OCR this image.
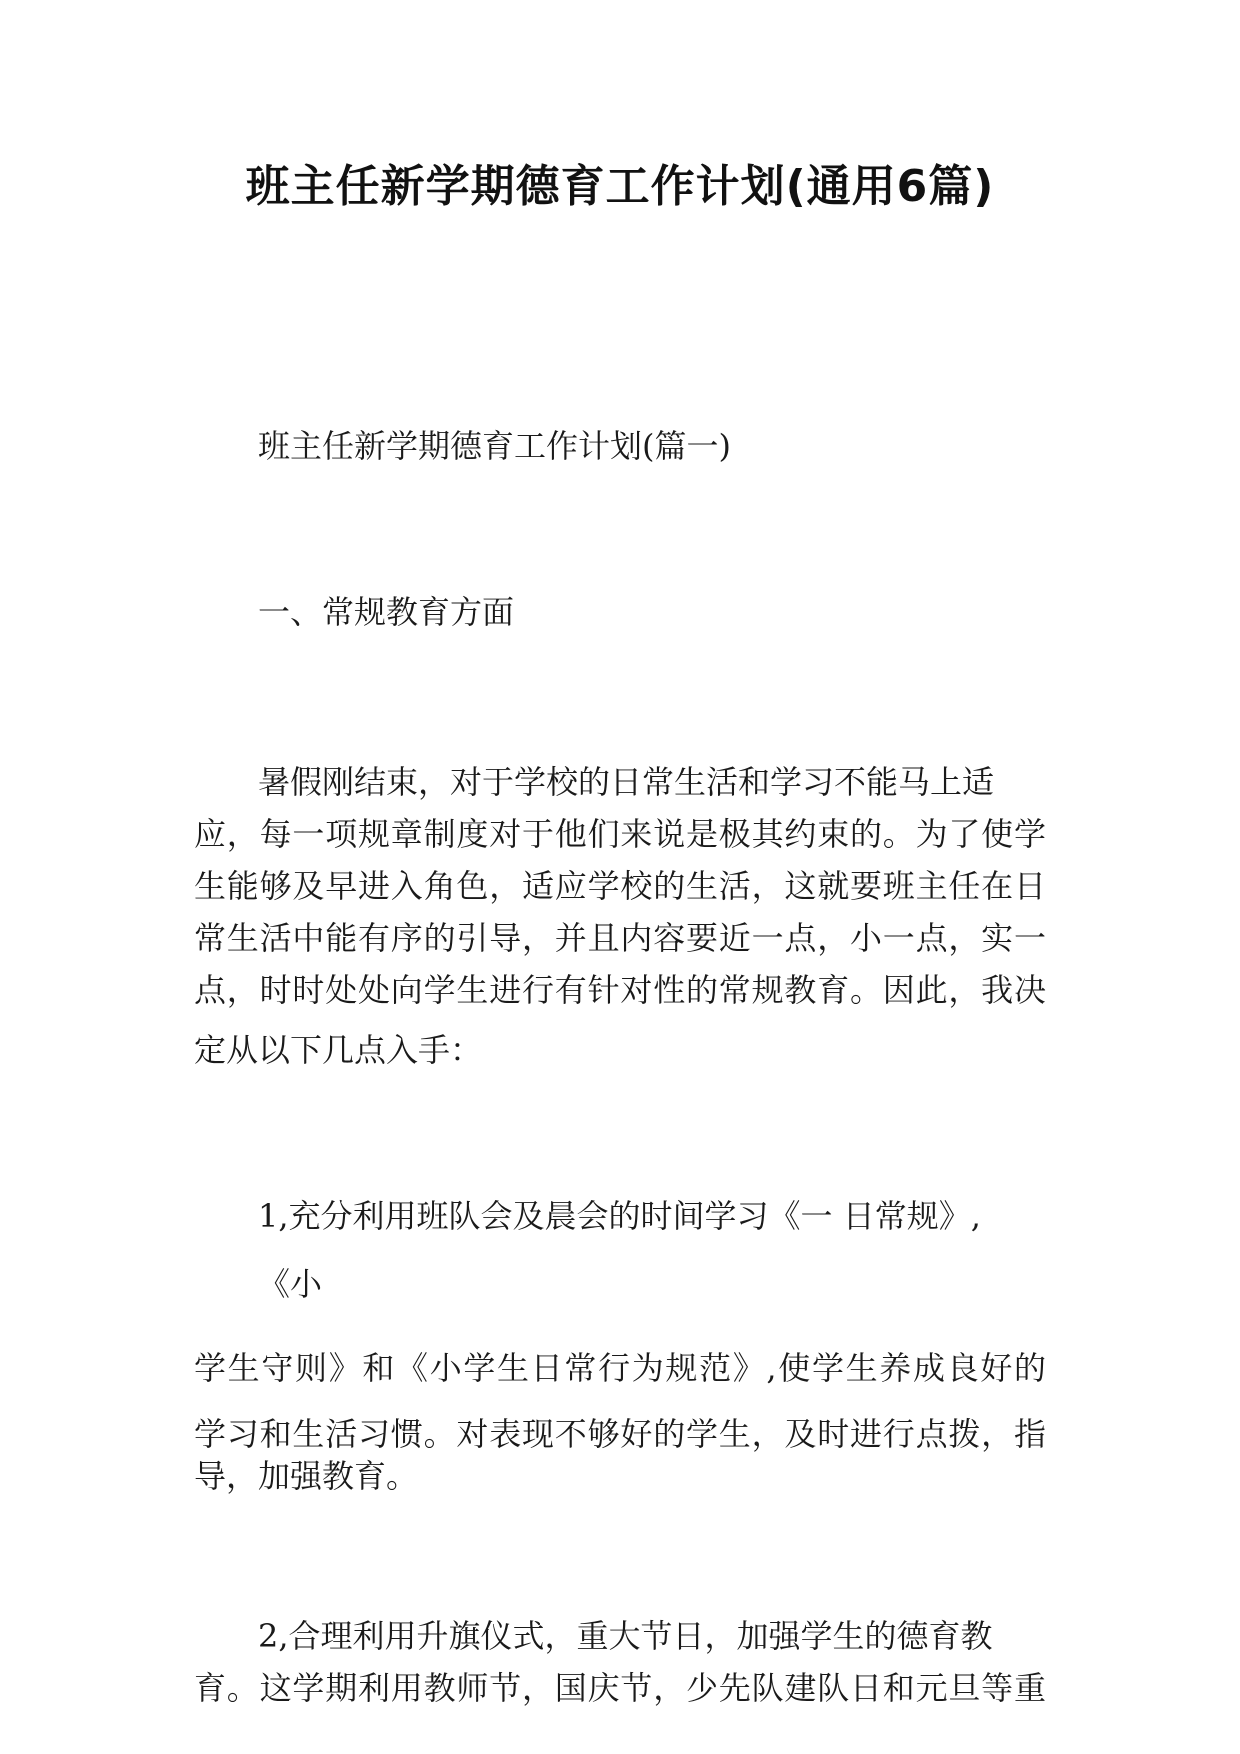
班主任新学期德育工作计划(通用6篇)
班主任新学期德育工作计划(篇一)
一、常规教育方面
暑假刚结束，对于学校的日常生活和学习不能马上适
应，每一项规章制度对于他们来说是极其约束的。为了使学
生能够及早进入角色，适应学校的生活，这就要班主任在日
常生活中能有序的引导，并且内容要近一点，小一点，实一
点，时时处处向学生进行有针对性的常规教育。因此，我决
定从以下几点入手：
1,充分利用班队会及晨会的时间学习《一 日常规》,
《小
学生守则》和《小学生日常行为规范》,使学生养成良好的
学习和生活习惯。对表现不够好的学生，及时进行点拨，指
导，加强教育。
2,合理利用升旗仪式，重大节日，加强学生的德育教
育。这学期利用教师节，国庆节，少先队建队日和元旦等重
